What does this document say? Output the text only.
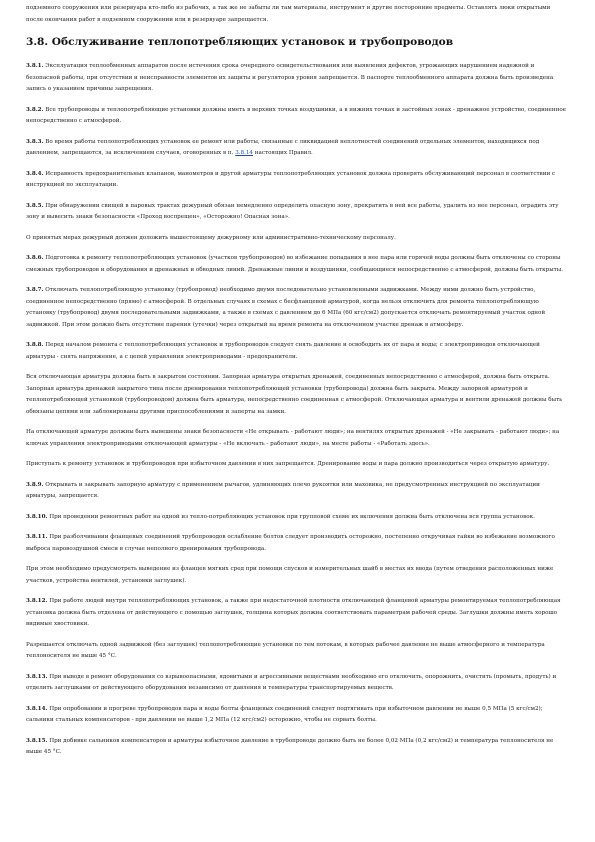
подземного сооружения или резервуара кто-либо из рабочих, а так же не забыты ли там материалы, инструмент и другие посторонние предметы. Оставлять люки открытыми после окончания работ в подземном сооружении или в резервуаре запрещается.

3.8. Обслуживание теплопотребляющих установок и трубопроводов

3.8.1. Эксплуатация теплообменных аппаратов после истечения срока очередного освидетельствования или выявления дефектов, угрожающих нарушением надежной и безопасной работы, при отсутствии и неисправности элементов их защиты и регуляторов уровня запрещается. В паспорте теплообменного аппарата должна быть произведена запись о указанием причины запрещения.

3.8.2. Все трубопроводы и теплопотребляющие установки должны иметь в верхних точках воздушники, а в нижних точках и застойных зонах - дренажное устройство, соединенное непосредственно с атмосферой.

3.8.3. Во время работы теплопотребляющих установок ее ремонт или работы, связанные с ликвидацией неплотностей соединений отдельных элементов, находящихся под давлением, запрещаются, за исключением случаев, оговоренных в п. 3.8.14 настоящих Правил.

3.8.4. Исправность предохранительных клапанов, манометров и другой арматуры теплопотребляющих установок должна проверять обслуживающий персонал в соответствии с инструкцией по эксплуатации.

3.8.5. При обнаружении свищей в паровых трактах дежурный обязан немедленно определить опасную зону, прекратить в ней все работы, удалить из нее персонал, оградить эту зону и вывесить знаки безопасности «Проход воспрещен», «Осторожно! Опасная зона».

О принятых мерах дежурный должен доложить вышестоящему дежурному или административно-техническому персоналу.

3.8.6. Подготовка к ремонту теплопотребляющих установок (участков трубопроводов) во избежание попадания в нее пара или горячей воды должны быть отключены со стороны смежных трубопроводов и оборудования и дренажных и обводных линий. Дренажные линии и воздушники, сообщающиеся непосредственно с атмосферой, должны быть открыты.

3.8.7. Отключать теплопотребляющую установку (трубопровод) необходимо двумя последовательно установленными задвижками. Между ними должно быть устройство, соединенное непосредственно (прямо) с атмосферой. В отдельных случаях в схемах с бесфланцевой арматурой, когда нельзя отключить для ремонта теплопотребляющую установку (трубопровод) двумя последовательными задвижками, а также в схемах с давлением до 6 МПа (60 кгс/см2) допускается отключать ремонтируемый участок одной задвижкой. При этом должно быть отсутствие парения (утечки) через открытый на время ремонта на отключенном участке дренаж в атмосферу.

3.8.8. Перед началом ремонта с теплопотребляющих установок и трубопроводов следует снять давление и освободить их от пара и воды; с электроприводов отключающей арматуры - снять напряжение, а с цепей управления электроприводами - предохранители.

Вся отключающая арматура должна быть в закрытом состоянии. Запорная арматура открытых дренажей, соединенных непосредственно с атмосферой, должна быть открыта. Запорная арматура дренажей закрытого типа после дренирования теплопотребляющей установки (трубопровода) должна быть закрыта. Между запорной арматурой и теплопотребляющей установкой (трубопроводом) должна быть арматура, непосредственно соединенная с атмосферой. Отключающая арматура и вентили дренажей должны быть обвязаны цепями или заблокированы другими приспособлениями и заперты на замки.

На отключающей арматуре должны быть вывешены знаки безопасности «Не открывать - работают люди»; на вентилях открытых дренажей - «Не закрывать - работают люди»; на ключах управления электроприводами отключающей арматуры - «Не включать - работают люди», на месте работы - «Работать здесь».

Приступать к ремонту установок и трубопроводов при избыточном давлении в них запрещается. Дренирование воды и пара должно производиться через открытую арматуру.

3.8.9. Открывать и закрывать запорную арматуру с применением рычагов, удлиняющих плечо рукоятки или маховика, не предусмотренных инструкцией по эксплуатации арматуры, запрещается.

3.8.10. При проведении ремонтных работ на одной из тепло-потребляющих установок при групповой схеме их включения должна быть отключена вся группа установок.

3.8.11. При разболчивании фланцевых соединений трубопроводов ослабление болтов следует производить осторожно, постепенно откручивая гайки во избежание возможного выброса паровоздушной смеси в случае неполного дренирования трубопровода.

При этом необходимо предусмотреть выведение из фланцев мягких сред при помощи спусков и измерительных шайб в местах их ввода (путем отведения расположенных ниже участков, устройства вентилей, установки заглушек).

3.8.12. При работе людей внутри теплопотребляющих установок, а также при недостаточной плотности отключающей фланцевой арматуры ремонтируемая теплопотребляющая установка должна быть отделена от действующего с помощью заглушек, толщина которых должна соответствовать параметрам рабочей среды. Заглушки должны иметь хорошо видимые хвостовики.

Разрешается отключать одной задвижкой (без заглушек) теплопотребляющие установки по тем потокам, в которых рабочее давление не выше атмосферного и температура теплоносителя не выше 45 °С.

3.8.13. При выводе в ремонт оборудования со взрывоопасными, ядовитыми и агрессивными веществами необходимо его отключить, опорожнить, очистить (промыть, продуть) и отделить заглушками от действующего оборудования независимо от давления и температуры транспортируемых веществ.

3.8.14. При опробовании и прогреве трубопроводов пара и воды болты фланцевых соединений следует подтягивать при избыточном давлении не выше 0,5 МПа (5 кгс/см2); сальники стальных компенсаторов - при давлении не выше 1,2 МПа (12 кгс/см2) осторожно, чтобы не сорвать болты.

3.8.15. При добивке сальников компенсаторов и арматуры избыточное давление в трубопроводе должно быть не более 0,02 МПа (0,2 кгс/см2) и температура теплоносителя не выше 45 °С.
